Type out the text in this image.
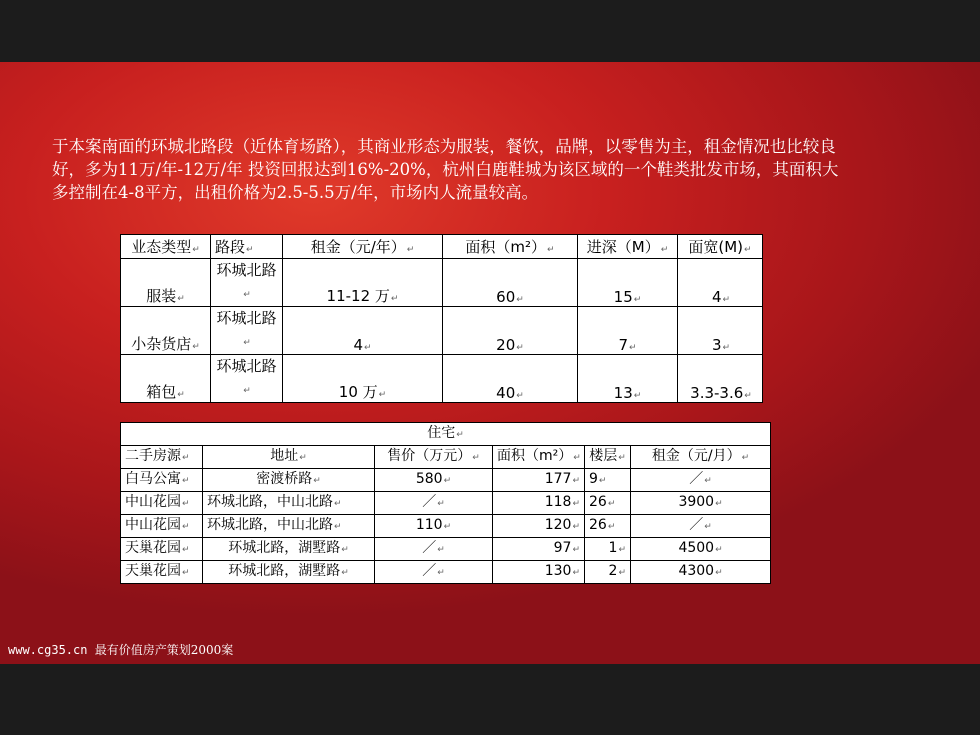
于本案南面的环城北路段（近体育场路），其商业形态为服装，餐饮，品牌，以零售为主，租金情况也比较良好，多为11万/年-12万/年 投资回报达到16%-20%，杭州白鹿鞋城为该区域的一个鞋类批发市场，其面积大多控制在4-8平方，出租价格为2.5-5.5万/年，市场内人流量较高。

业态类型 ↵	路段 ↵	租金（元/年） ↵	面积（m²） ↵	进深（M） ↵	面宽(M) ↵
服装 ↵	环城北路 ↵	11-12 万 ↵	60 ↵	15 ↵	4 ↵
小杂货店 ↵	环城北路 ↵	4 ↵	20 ↵	7 ↵	3 ↵
箱包 ↵	环城北路 ↵	10 万 ↵	40 ↵	13 ↵	3.3-3.6 ↵
住宅 ↵
二手房源 ↵	地址 ↵	售价（万元） ↵	面积（m²） ↵	楼层 ↵	租金（元/月） ↵
白马公寓 ↵	密渡桥路 ↵	580 ↵	177 ↵	9 ↵	／ ↵
中山花园 ↵	环城北路，中山北路 ↵	／ ↵	118 ↵	26 ↵	3900 ↵
中山花园 ↵	环城北路，中山北路 ↵	110 ↵	120 ↵	26 ↵	／ ↵
天巢花园 ↵	环城北路，湖墅路 ↵	／ ↵	97 ↵	1 ↵	4500 ↵
天巢花园 ↵	环城北路，湖墅路 ↵	／ ↵	130 ↵	2 ↵	4300 ↵
www.cg35.cn 最有价值房产策划2000案
